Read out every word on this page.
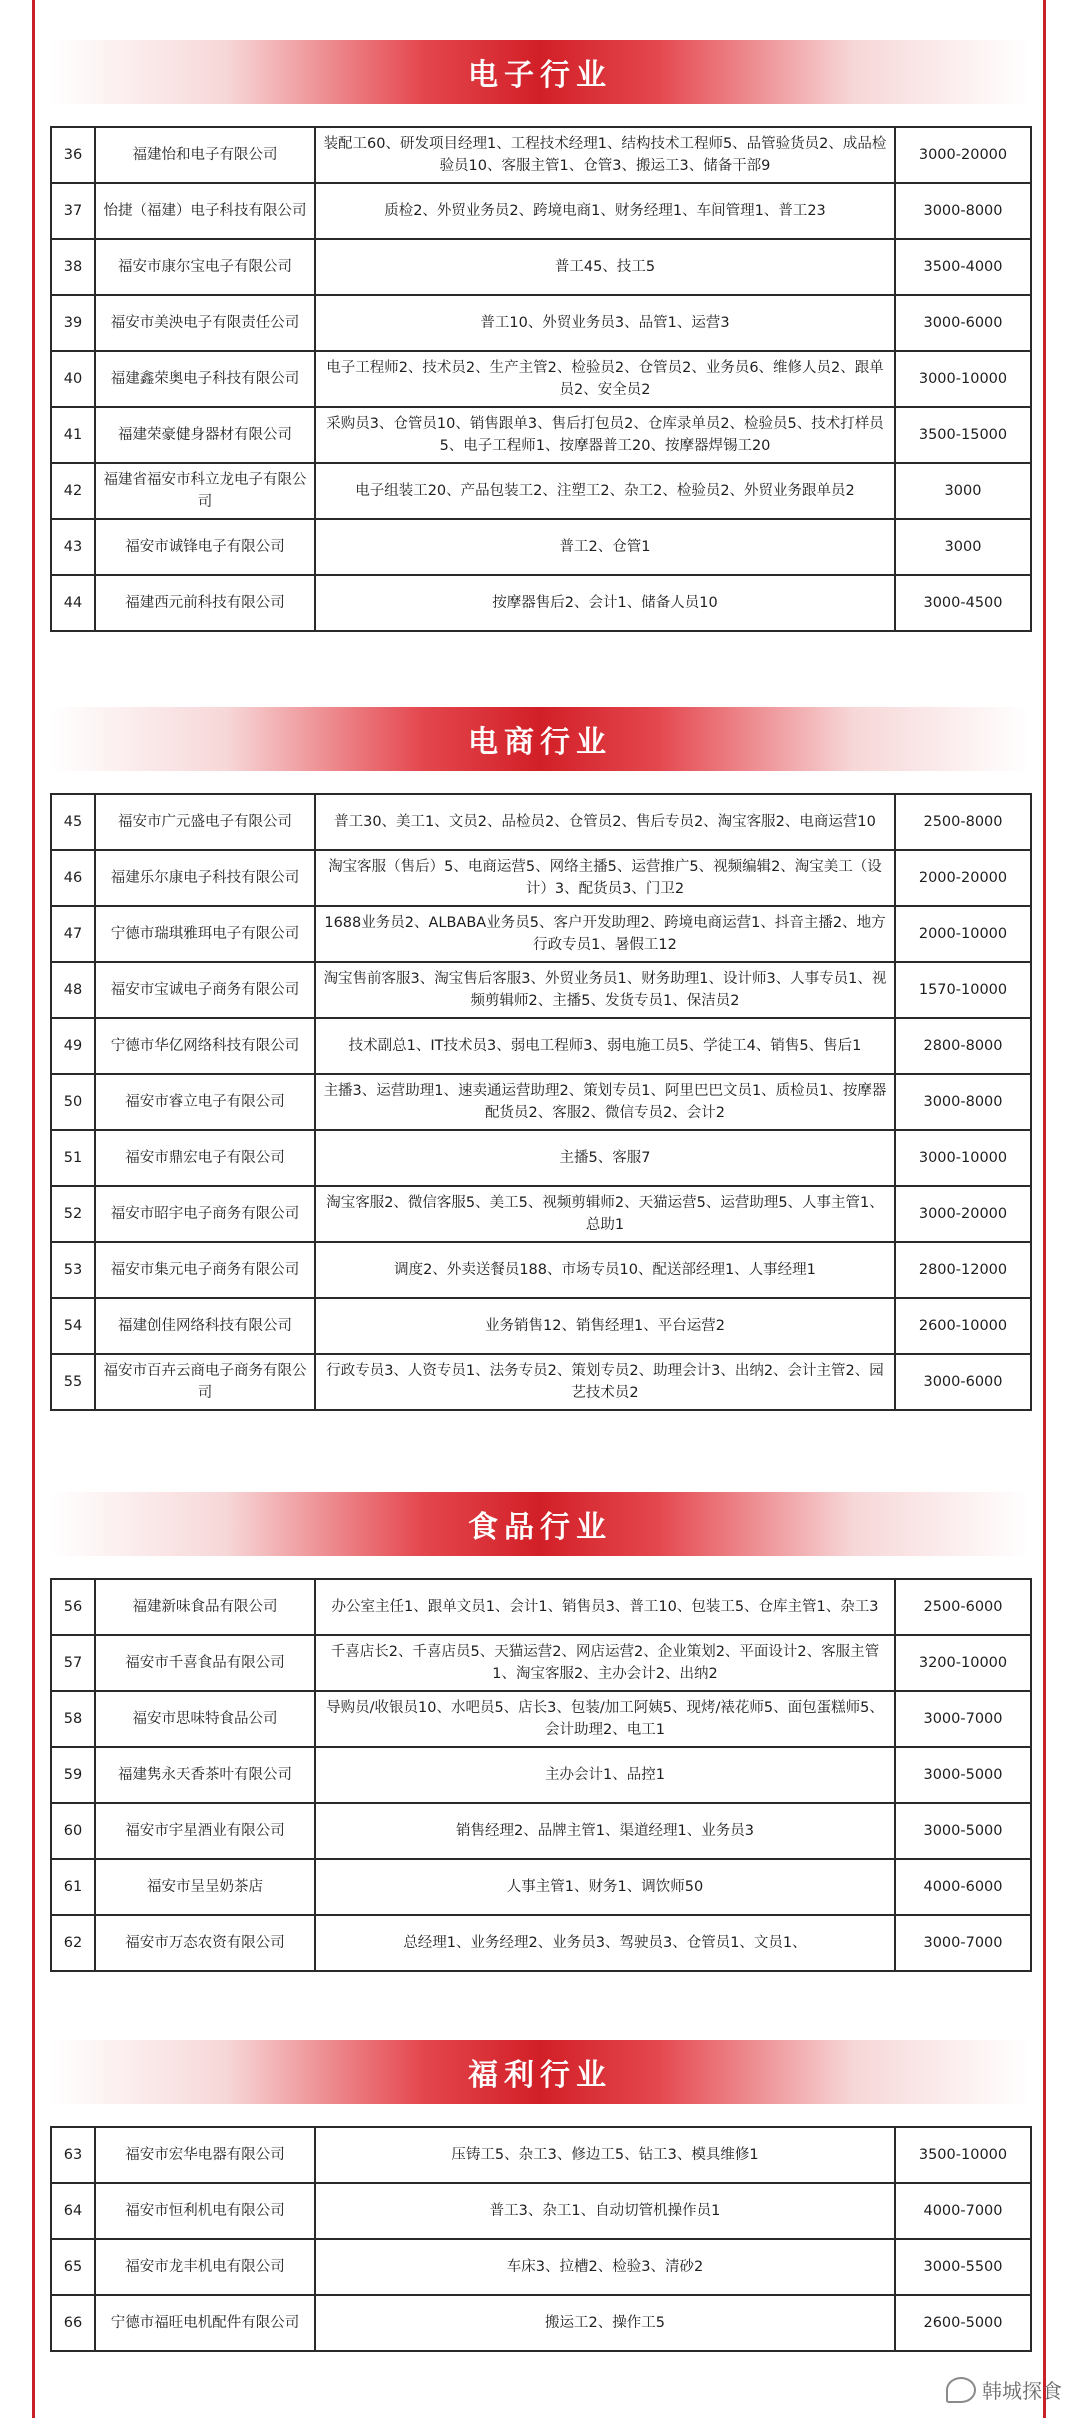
电子行业
36	福建怡和电子有限公司	装配工60、研发项目经理1、工程技术经理1、结构技术工程师5、品管验货员2、成品检验员10、客服主管1、仓管3、搬运工3、储备干部9	3000-20000
37	怡捷（福建）电子科技有限公司	质检2、外贸业务员2、跨境电商1、财务经理1、车间管理1、普工23	3000-8000
38	福安市康尔宝电子有限公司	普工45、技工5	3500-4000
39	福安市美泱电子有限责任公司	普工10、外贸业务员3、品管1、运营3	3000-6000
40	福建鑫荣奥电子科技有限公司	电子工程师2、技术员2、生产主管2、检验员2、仓管员2、业务员6、维修人员2、跟单员2、安全员2	3000-10000
41	福建荣豪健身器材有限公司	采购员3、仓管员10、销售跟单3、售后打包员2、仓库录单员2、检验员5、技术打样员5、电子工程师1、按摩器普工20、按摩器焊锡工20	3500-15000
42	福建省福安市科立龙电子有限公司	电子组装工20、产品包装工2、注塑工2、杂工2、检验员2、外贸业务跟单员2	3000
43	福安市诚锋电子有限公司	普工2、仓管1	3000
44	福建西元前科技有限公司	按摩器售后2、会计1、储备人员10	3000-4500
电商行业
45	福安市广元盛电子有限公司	普工30、美工1、文员2、品检员2、仓管员2、售后专员2、淘宝客服2、电商运营10	2500-8000
46	福建乐尔康电子科技有限公司	淘宝客服（售后）5、电商运营5、网络主播5、运营推广5、视频编辑2、淘宝美工（设计）3、配货员3、门卫2	2000-20000
47	宁德市瑞琪雅珥电子有限公司	1688业务员2、ALBABA业务员5、客户开发助理2、跨境电商运营1、抖音主播2、地方行政专员1、暑假工12	2000-10000
48	福安市宝诚电子商务有限公司	淘宝售前客服3、淘宝售后客服3、外贸业务员1、财务助理1、设计师3、人事专员1、视频剪辑师2、主播5、发货专员1、保洁员2	1570-10000
49	宁德市华亿网络科技有限公司	技术副总1、IT技术员3、弱电工程师3、弱电施工员5、学徒工4、销售5、售后1	2800-8000
50	福安市睿立电子有限公司	主播3、运营助理1、速卖通运营助理2、策划专员1、阿里巴巴文员1、质检员1、按摩器配货员2、客服2、微信专员2、会计2	3000-8000
51	福安市鼎宏电子有限公司	主播5、客服7	3000-10000
52	福安市昭宇电子商务有限公司	淘宝客服2、微信客服5、美工5、视频剪辑师2、天猫运营5、运营助理5、人事主管1、总助1	3000-20000
53	福安市集元电子商务有限公司	调度2、外卖送餐员188、市场专员10、配送部经理1、人事经理1	2800-12000
54	福建创佳网络科技有限公司	业务销售12、销售经理1、平台运营2	2600-10000
55	福安市百卉云商电子商务有限公司	行政专员3、人资专员1、法务专员2、策划专员2、助理会计3、出纳2、会计主管2、园艺技术员2	3000-6000
食品行业
56	福建新味食品有限公司	办公室主任1、跟单文员1、会计1、销售员3、普工10、包装工5、仓库主管1、杂工3	2500-6000
57	福安市千喜食品有限公司	千喜店长2、千喜店员5、天猫运营2、网店运营2、企业策划2、平面设计2、客服主管1、淘宝客服2、主办会计2、出纳2	3200-10000
58	福安市思味特食品公司	导购员/收银员10、水吧员5、店长3、包装/加工阿姨5、现烤/裱花师5、面包蛋糕师5、会计助理2、电工1	3000-7000
59	福建隽永天香茶叶有限公司	主办会计1、品控1	3000-5000
60	福安市宇星酒业有限公司	销售经理2、品牌主管1、渠道经理1、业务员3	3000-5000
61	福安市呈呈奶茶店	人事主管1、财务1、调饮师50	4000-6000
62	福安市万态农资有限公司	总经理1、业务经理2、业务员3、驾驶员3、仓管员1、文员1、	3000-7000
福利行业
63	福安市宏华电器有限公司	压铸工5、杂工3、修边工5、钻工3、模具维修1	3500-10000
64	福安市恒利机电有限公司	普工3、杂工1、自动切管机操作员1	4000-7000
65	福安市龙丰机电有限公司	车床3、拉槽2、检验3、清砂2	3000-5500
66	宁德市福旺电机配件有限公司	搬运工2、操作工5	2600-5000
韩城探食
